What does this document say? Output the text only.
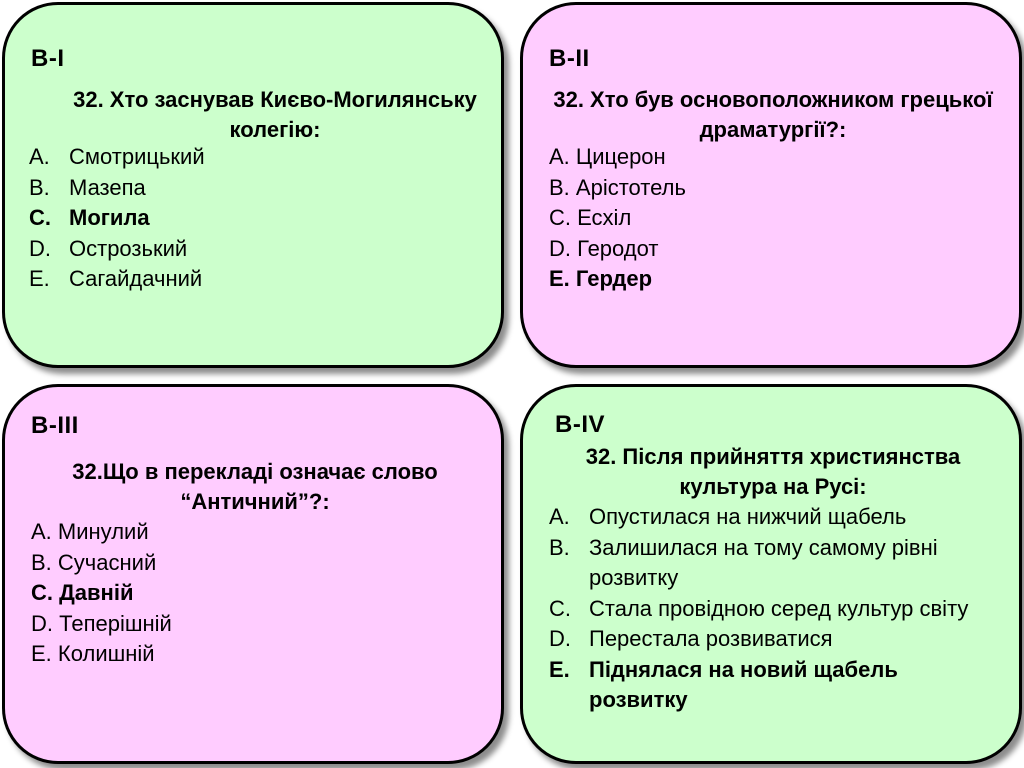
В-І
32. Хто заснував Києво-Могилянську колегію:
A. Смотрицький
B. Мазепа
C. Могила
D. Острозький
E. Сагайдачний
В-ІІ
32. Хто був основоположником грецької драматургії?:
A.
Цицерон
B.
Арістотель
C.
Есхіл
D.
Геродот
E.
Гердер
В-ІІІ
32.Що в перекладі означає слово “Античний”?:
A.
Минулий
B.
Сучасний
C.
Давній
D.
Теперішній
E.
Колишній
В-ІV
32. Після прийняття християнства культура на Русі:
A. Опустилася на нижчий щабель
B. Залишилася на тому самому рівні розвитку
C. Стала провідною серед культур світу
D. Перестала розвиватися
E. Піднялася на новий щабель розвитку
